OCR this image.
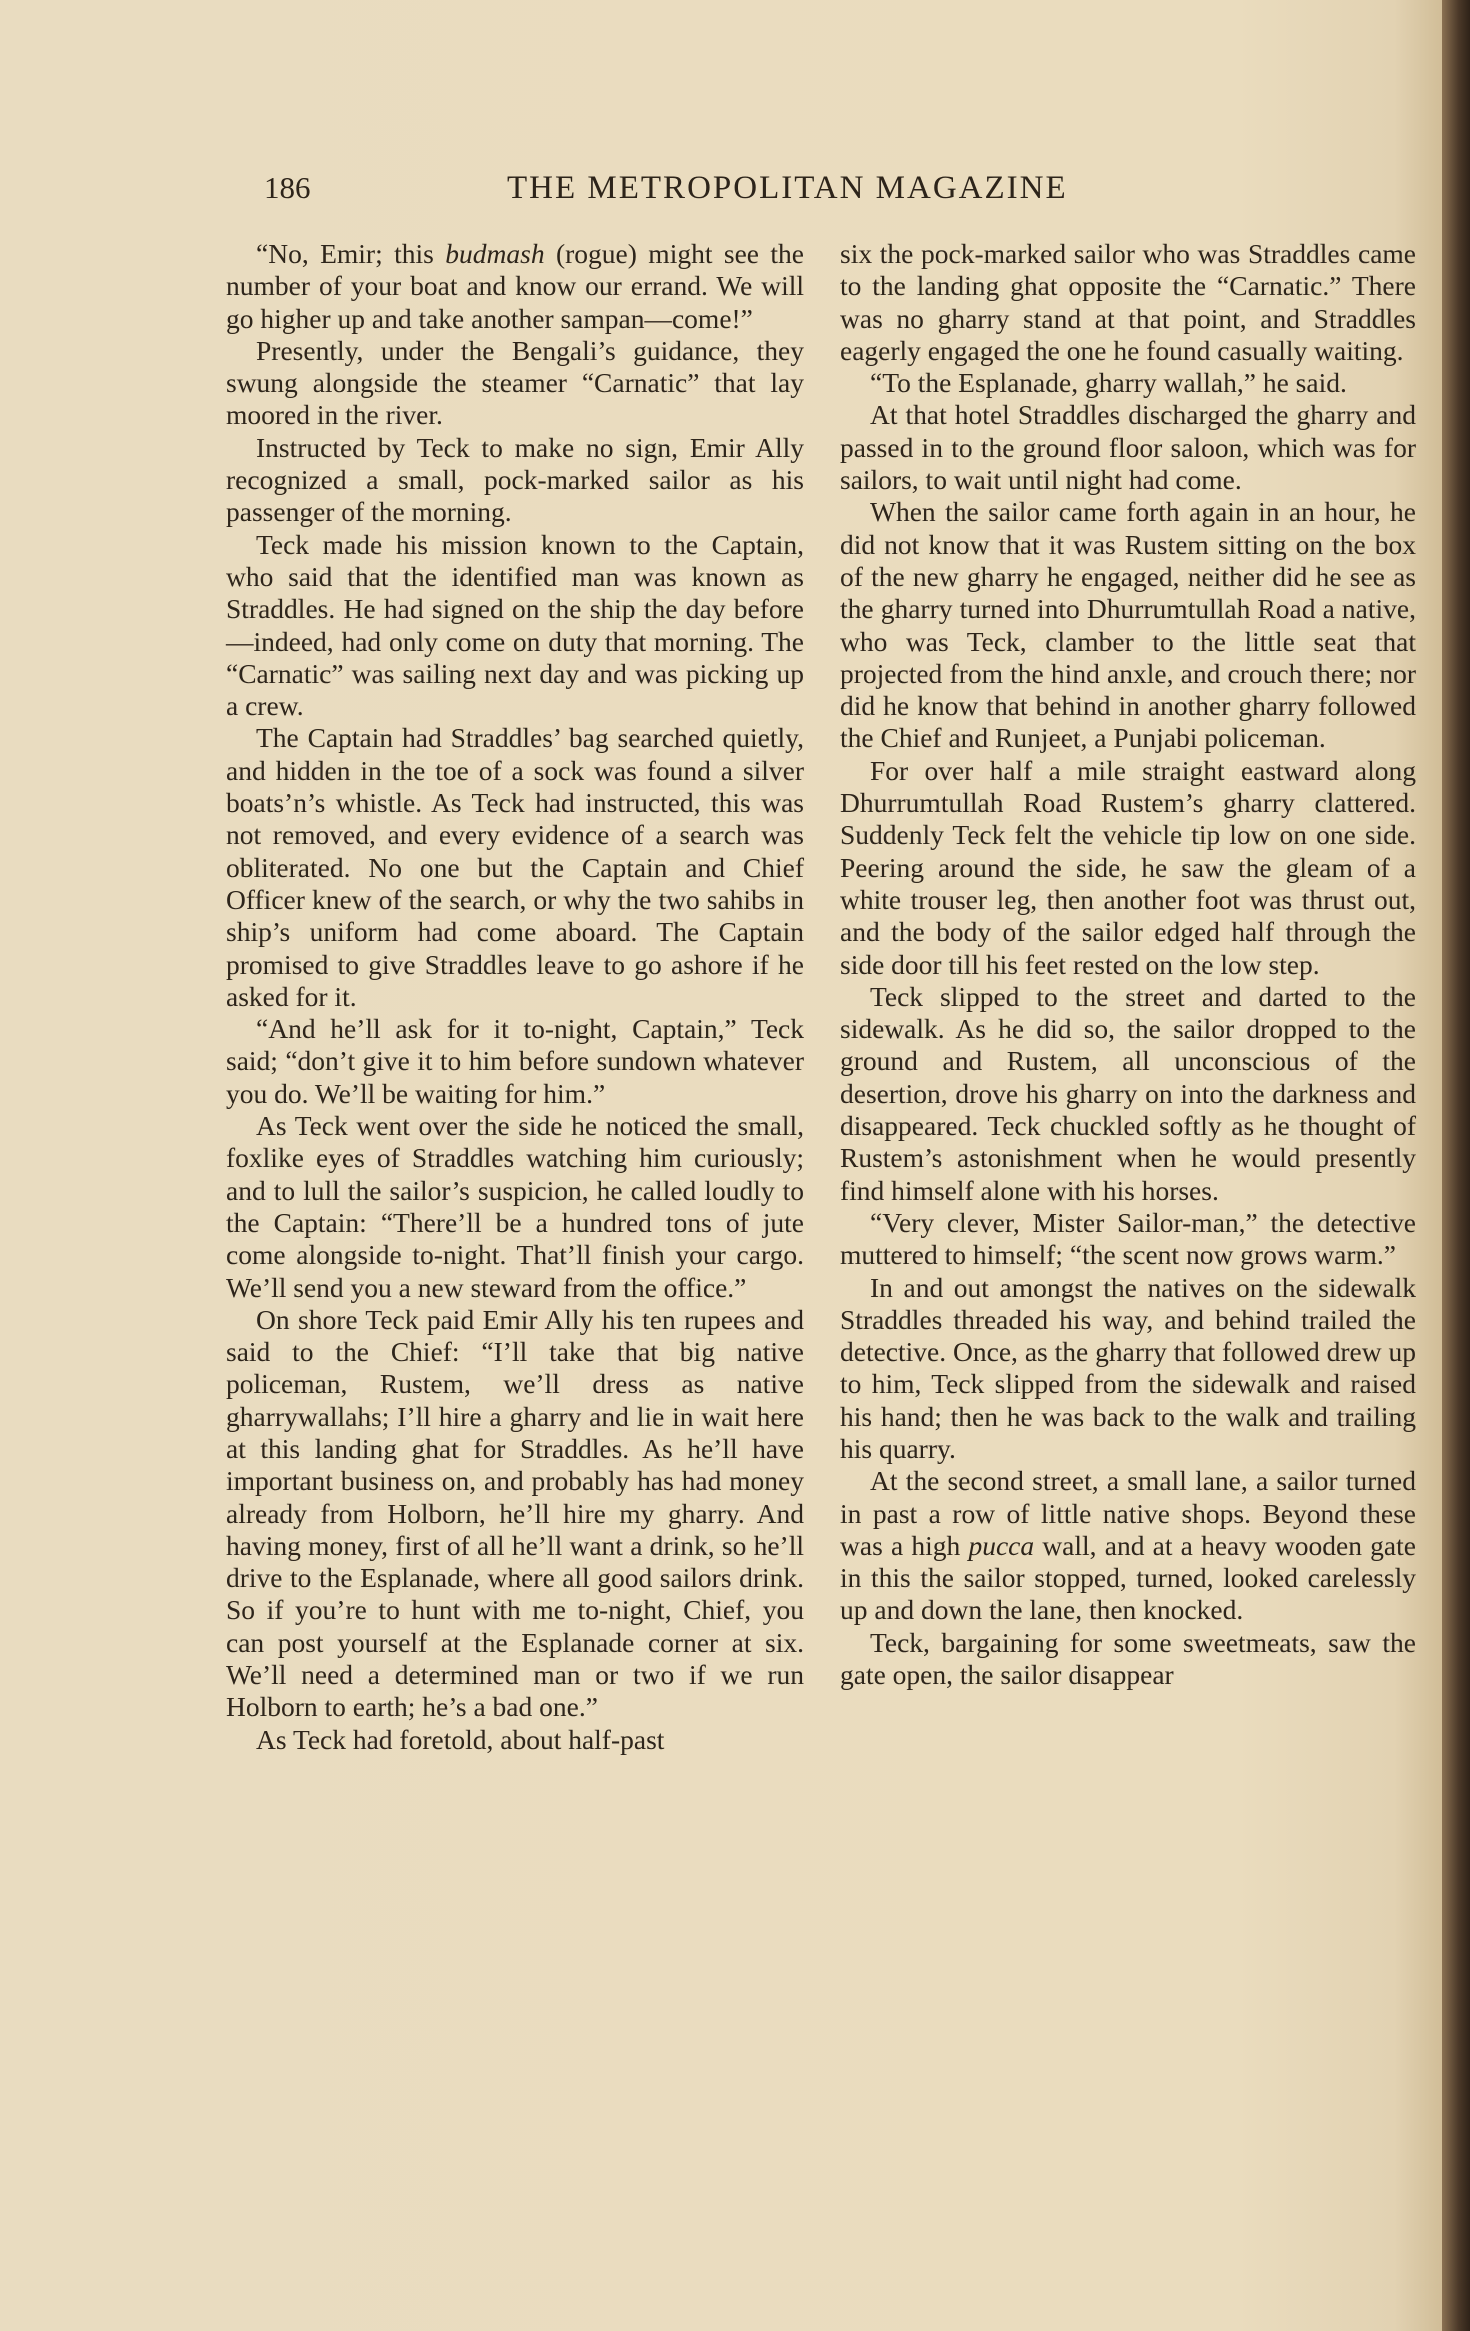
186	THE METROPOLITAN MAGAZINE

“No, Emir; this budmash (rogue) might see the number of your boat and know our errand. We will go higher up and take another sampan—come!”

Presently, under the Bengali’s guidance, they swung alongside the steamer “Carnatic” that lay moored in the river.

Instructed by Teck to make no sign, Emir Ally recognized a small, pock-marked sailor as his passenger of the morning.

Teck made his mission known to the Captain, who said that the identified man was known as Straddles. He had signed on the ship the day before—indeed, had only come on duty that morning. The “Carnatic” was sailing next day and was picking up a crew.

The Captain had Straddles’ bag searched quietly, and hidden in the toe of a sock was found a silver boats’n’s whistle. As Teck had instructed, this was not removed, and every evidence of a search was obliterated. No one but the Captain and Chief Officer knew of the search, or why the two sahibs in ship’s uniform had come aboard. The Captain promised to give Straddles leave to go ashore if he asked for it.

“And he’ll ask for it to-night, Captain,” Teck said; “don’t give it to him before sundown whatever you do. We’ll be waiting for him.”

As Teck went over the side he noticed the small, foxlike eyes of Straddles watching him curiously; and to lull the sailor’s suspicion, he called loudly to the Captain: “There’ll be a hundred tons of jute come alongside to-night. That’ll finish your cargo. We’ll send you a new steward from the office.”

On shore Teck paid Emir Ally his ten rupees and said to the Chief: “I’ll take that big native policeman, Rustem, we’ll dress as native gharrywallahs; I’ll hire a gharry and lie in wait here at this landing ghat for Straddles. As he’ll have important business on, and probably has had money already from Holborn, he’ll hire my gharry. And having money, first of all he’ll want a drink, so he’ll drive to the Esplanade, where all good sailors drink. So if you’re to hunt with me to-night, Chief, you can post yourself at the Esplanade corner at six. We’ll need a determined man or two if we run Holborn to earth; he’s a bad one.”

As Teck had foretold, about half-past

six the pock-marked sailor who was Straddles came to the landing ghat opposite the “Carnatic.” There was no gharry stand at that point, and Straddles eagerly engaged the one he found casually waiting.

“To the Esplanade, gharry wallah,” he said.

At that hotel Straddles discharged the gharry and passed in to the ground floor saloon, which was for sailors, to wait until night had come.

When the sailor came forth again in an hour, he did not know that it was Rustem sitting on the box of the new gharry he engaged, neither did he see as the gharry turned into Dhurrumtullah Road a native, who was Teck, clamber to the little seat that projected from the hind anxle, and crouch there; nor did he know that behind in another gharry followed the Chief and Runjeet, a Punjabi policeman.

For over half a mile straight eastward along Dhurrumtullah Road Rustem’s gharry clattered. Suddenly Teck felt the vehicle tip low on one side. Peering around the side, he saw the gleam of a white trouser leg, then another foot was thrust out, and the body of the sailor edged half through the side door till his feet rested on the low step.

Teck slipped to the street and darted to the sidewalk. As he did so, the sailor dropped to the ground and Rustem, all unconscious of the desertion, drove his gharry on into the darkness and disappeared. Teck chuckled softly as he thought of Rustem’s astonishment when he would presently find himself alone with his horses.

“Very clever, Mister Sailor-man,” the detective muttered to himself; “the scent now grows warm.”

In and out amongst the natives on the sidewalk Straddles threaded his way, and behind trailed the detective. Once, as the gharry that followed drew up to him, Teck slipped from the sidewalk and raised his hand; then he was back to the walk and trailing his quarry.

At the second street, a small lane, a sailor turned in past a row of little native shops. Beyond these was a high pucca wall, and at a heavy wooden gate in this the sailor stopped, turned, looked carelessly up and down the lane, then knocked.

Teck, bargaining for some sweetmeats, saw the gate open, the sailor disappear
